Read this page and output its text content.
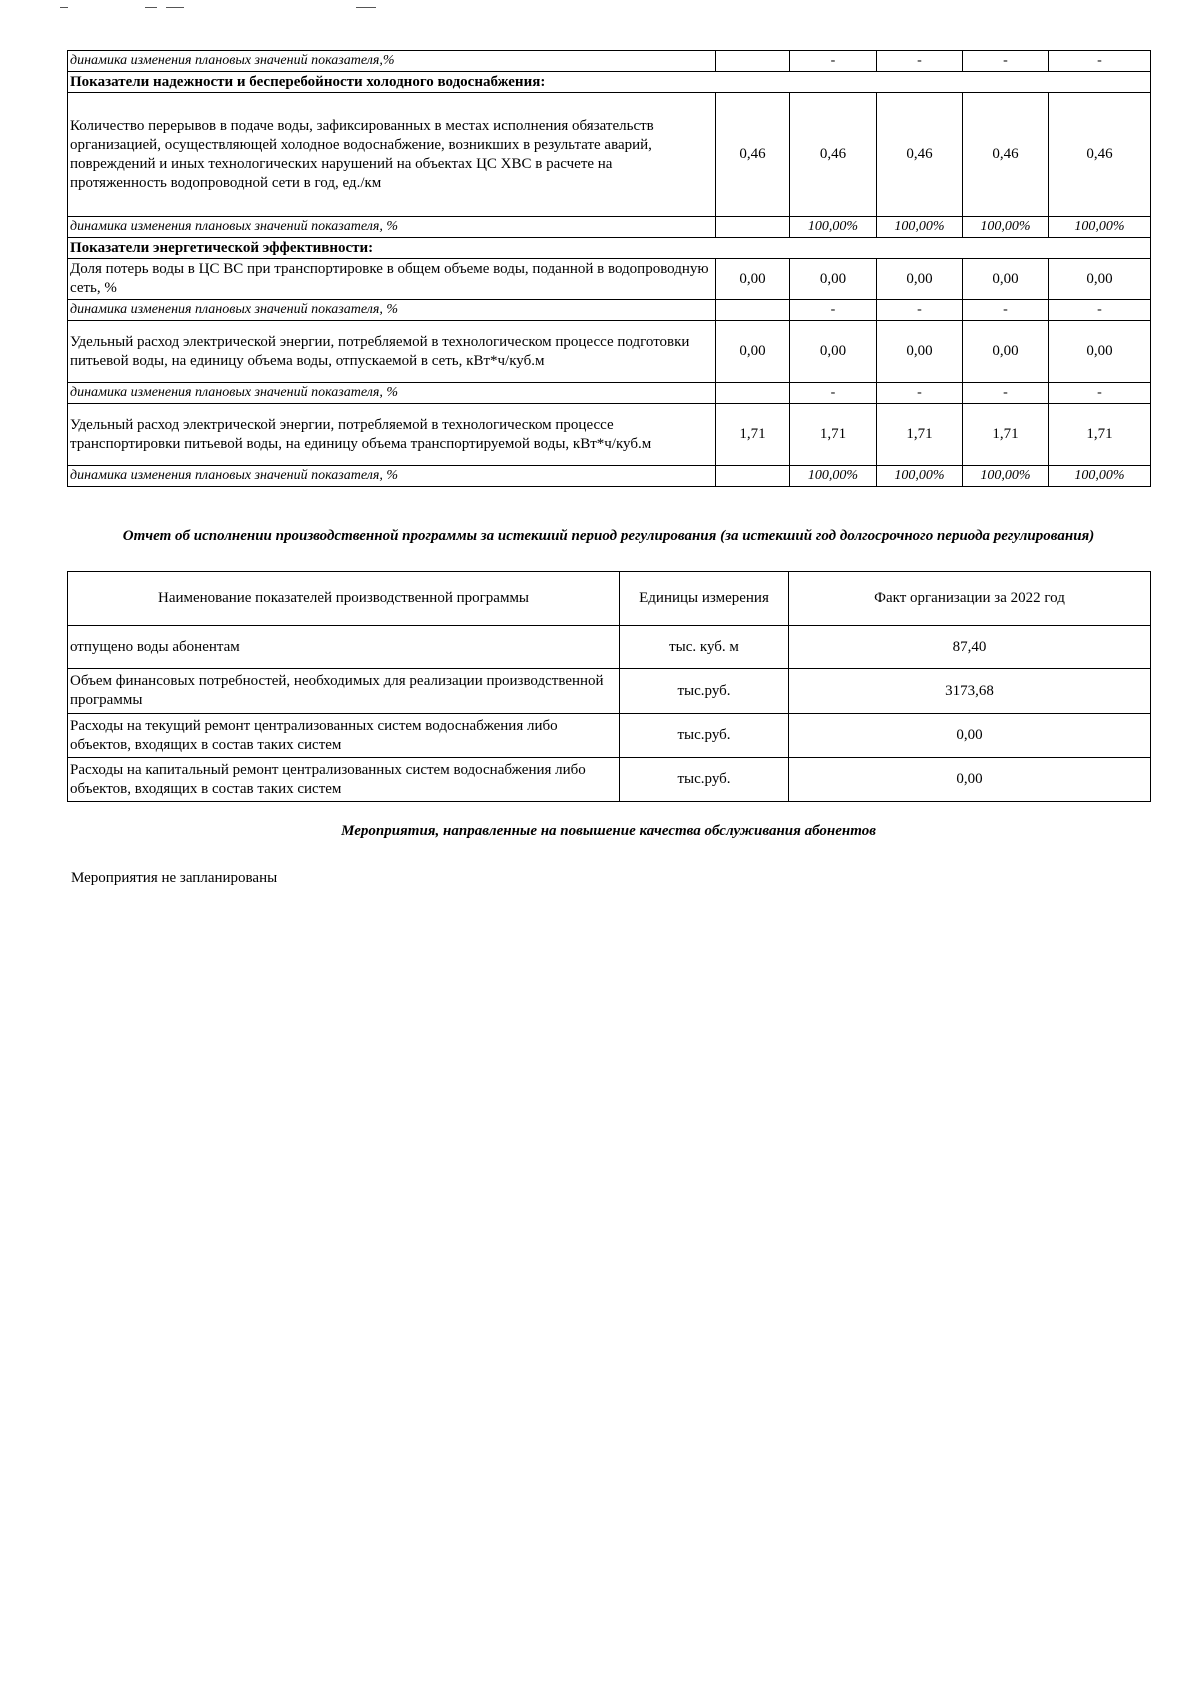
динамика изменения плановых значений показателя,%		-	-	-	-
Показатели надежности и бесперебойности холодного водоснабжения:					
Количество перерывов в подаче воды, зафиксированных в местах исполнения обязательств организацией, осуществляющей холодное водоснабжение, возникших в результате аварий, повреждений и иных технологических нарушений на объектах ЦС ХВС в расчете на протяженность водопроводной сети в год, ед./км	0,46	0,46	0,46	0,46	0,46
динамика изменения плановых значений показателя, %		100,00%	100,00%	100,00%	100,00%
Показатели энергетической эффективности:					
Доля потерь воды в ЦС ВС при транспортировке в общем объеме воды, поданной в водопроводную сеть, %	0,00	0,00	0,00	0,00	0,00
динамика изменения плановых значений показателя, %		-	-	-	-
Удельный расход электрической энергии, потребляемой в технологическом процессе подготовки питьевой воды, на единицу объема воды, отпускаемой в сеть, кВт*ч/куб.м	0,00	0,00	0,00	0,00	0,00
динамика изменения плановых значений показателя, %		-	-	-	-
Удельный расход электрической энергии, потребляемой в технологическом процессе транспортировки питьевой воды, на единицу объема транспортируемой воды, кВт*ч/куб.м	1,71	1,71	1,71	1,71	1,71
динамика изменения плановых значений показателя, %		100,00%	100,00%	100,00%	100,00%
Отчет об исполнении производственной программы за истекший период регулирования (за истекший год долгосрочного периода регулирования)
Наименование показателей производственной программы	Единицы измерения	Факт организации за 2022 год
отпущено воды абонентам	тыс. куб. м	87,40
Объем финансовых потребностей, необходимых для реализации производственной программы	тыс.руб.	3173,68
Расходы на текущий ремонт централизованных систем водоснабжения либо объектов, входящих в состав таких систем	тыс.руб.	0,00
Расходы на капитальный ремонт централизованных систем водоснабжения либо объектов, входящих в состав таких систем	тыс.руб.	0,00
Мероприятия, направленные на повышение качества обслуживания абонентов
Мероприятия не запланированы
